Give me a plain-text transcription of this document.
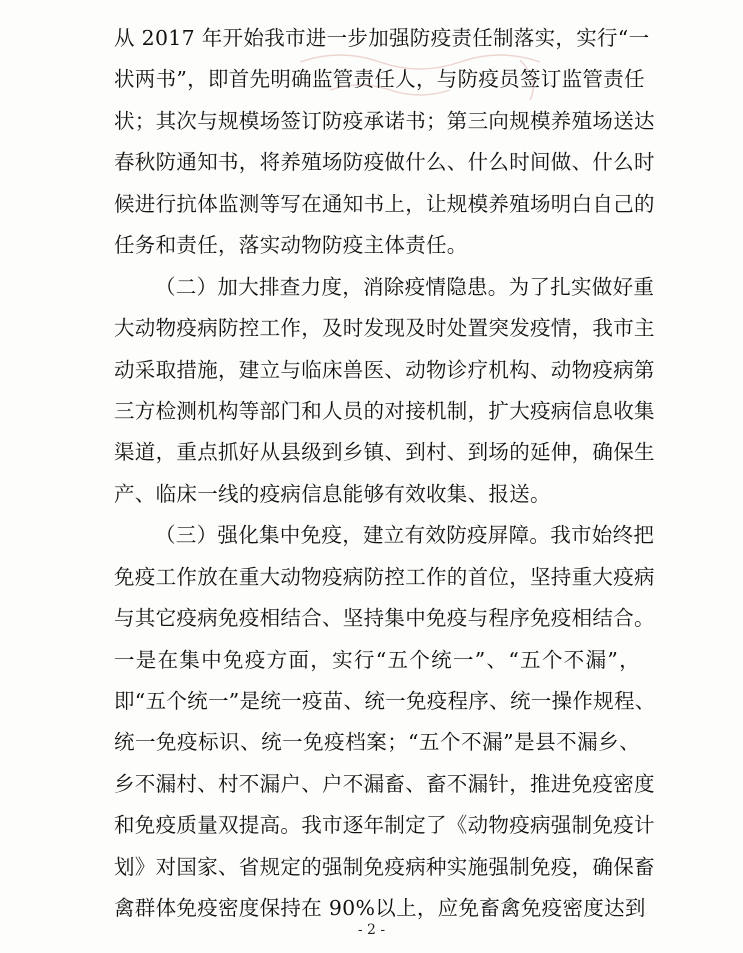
从 2017 年开始我市进一步加强防疫责任制落实，实行“一
状两书”，即首先明确监管责任人，与防疫员签订监管责任
状；其次与规模场签订防疫承诺书；第三向规模养殖场送达
春秋防通知书，将养殖场防疫做什么、什么时间做、什么时
候进行抗体监测等写在通知书上，让规模养殖场明白自己的
任务和责任，落实动物防疫主体责任。
（二）加大排查力度，消除疫情隐患。为了扎实做好重
大动物疫病防控工作，及时发现及时处置突发疫情，我市主
动采取措施，建立与临床兽医、动物诊疗机构、动物疫病第
三方检测机构等部门和人员的对接机制，扩大疫病信息收集
渠道，重点抓好从县级到乡镇、到村、到场的延伸，确保生
产、临床一线的疫病信息能够有效收集、报送。
（三）强化集中免疫，建立有效防疫屏障。我市始终把
免疫工作放在重大动物疫病防控工作的首位，坚持重大疫病
与其它疫病免疫相结合、坚持集中免疫与程序免疫相结合。
一是在集中免疫方面，实行“五个统一”、“五个不漏”，
即“五个统一”是统一疫苗、统一免疫程序、统一操作规程、
统一免疫标识、统一免疫档案；“五个不漏”是县不漏乡、
乡不漏村、村不漏户、户不漏畜、畜不漏针，推进免疫密度
和免疫质量双提高。我市逐年制定了《动物疫病强制免疫计
划》对国家、省规定的强制免疫病种实施强制免疫，确保畜
禽群体免疫密度保持在 90%以上，应免畜禽免疫密度达到
- 2 -
